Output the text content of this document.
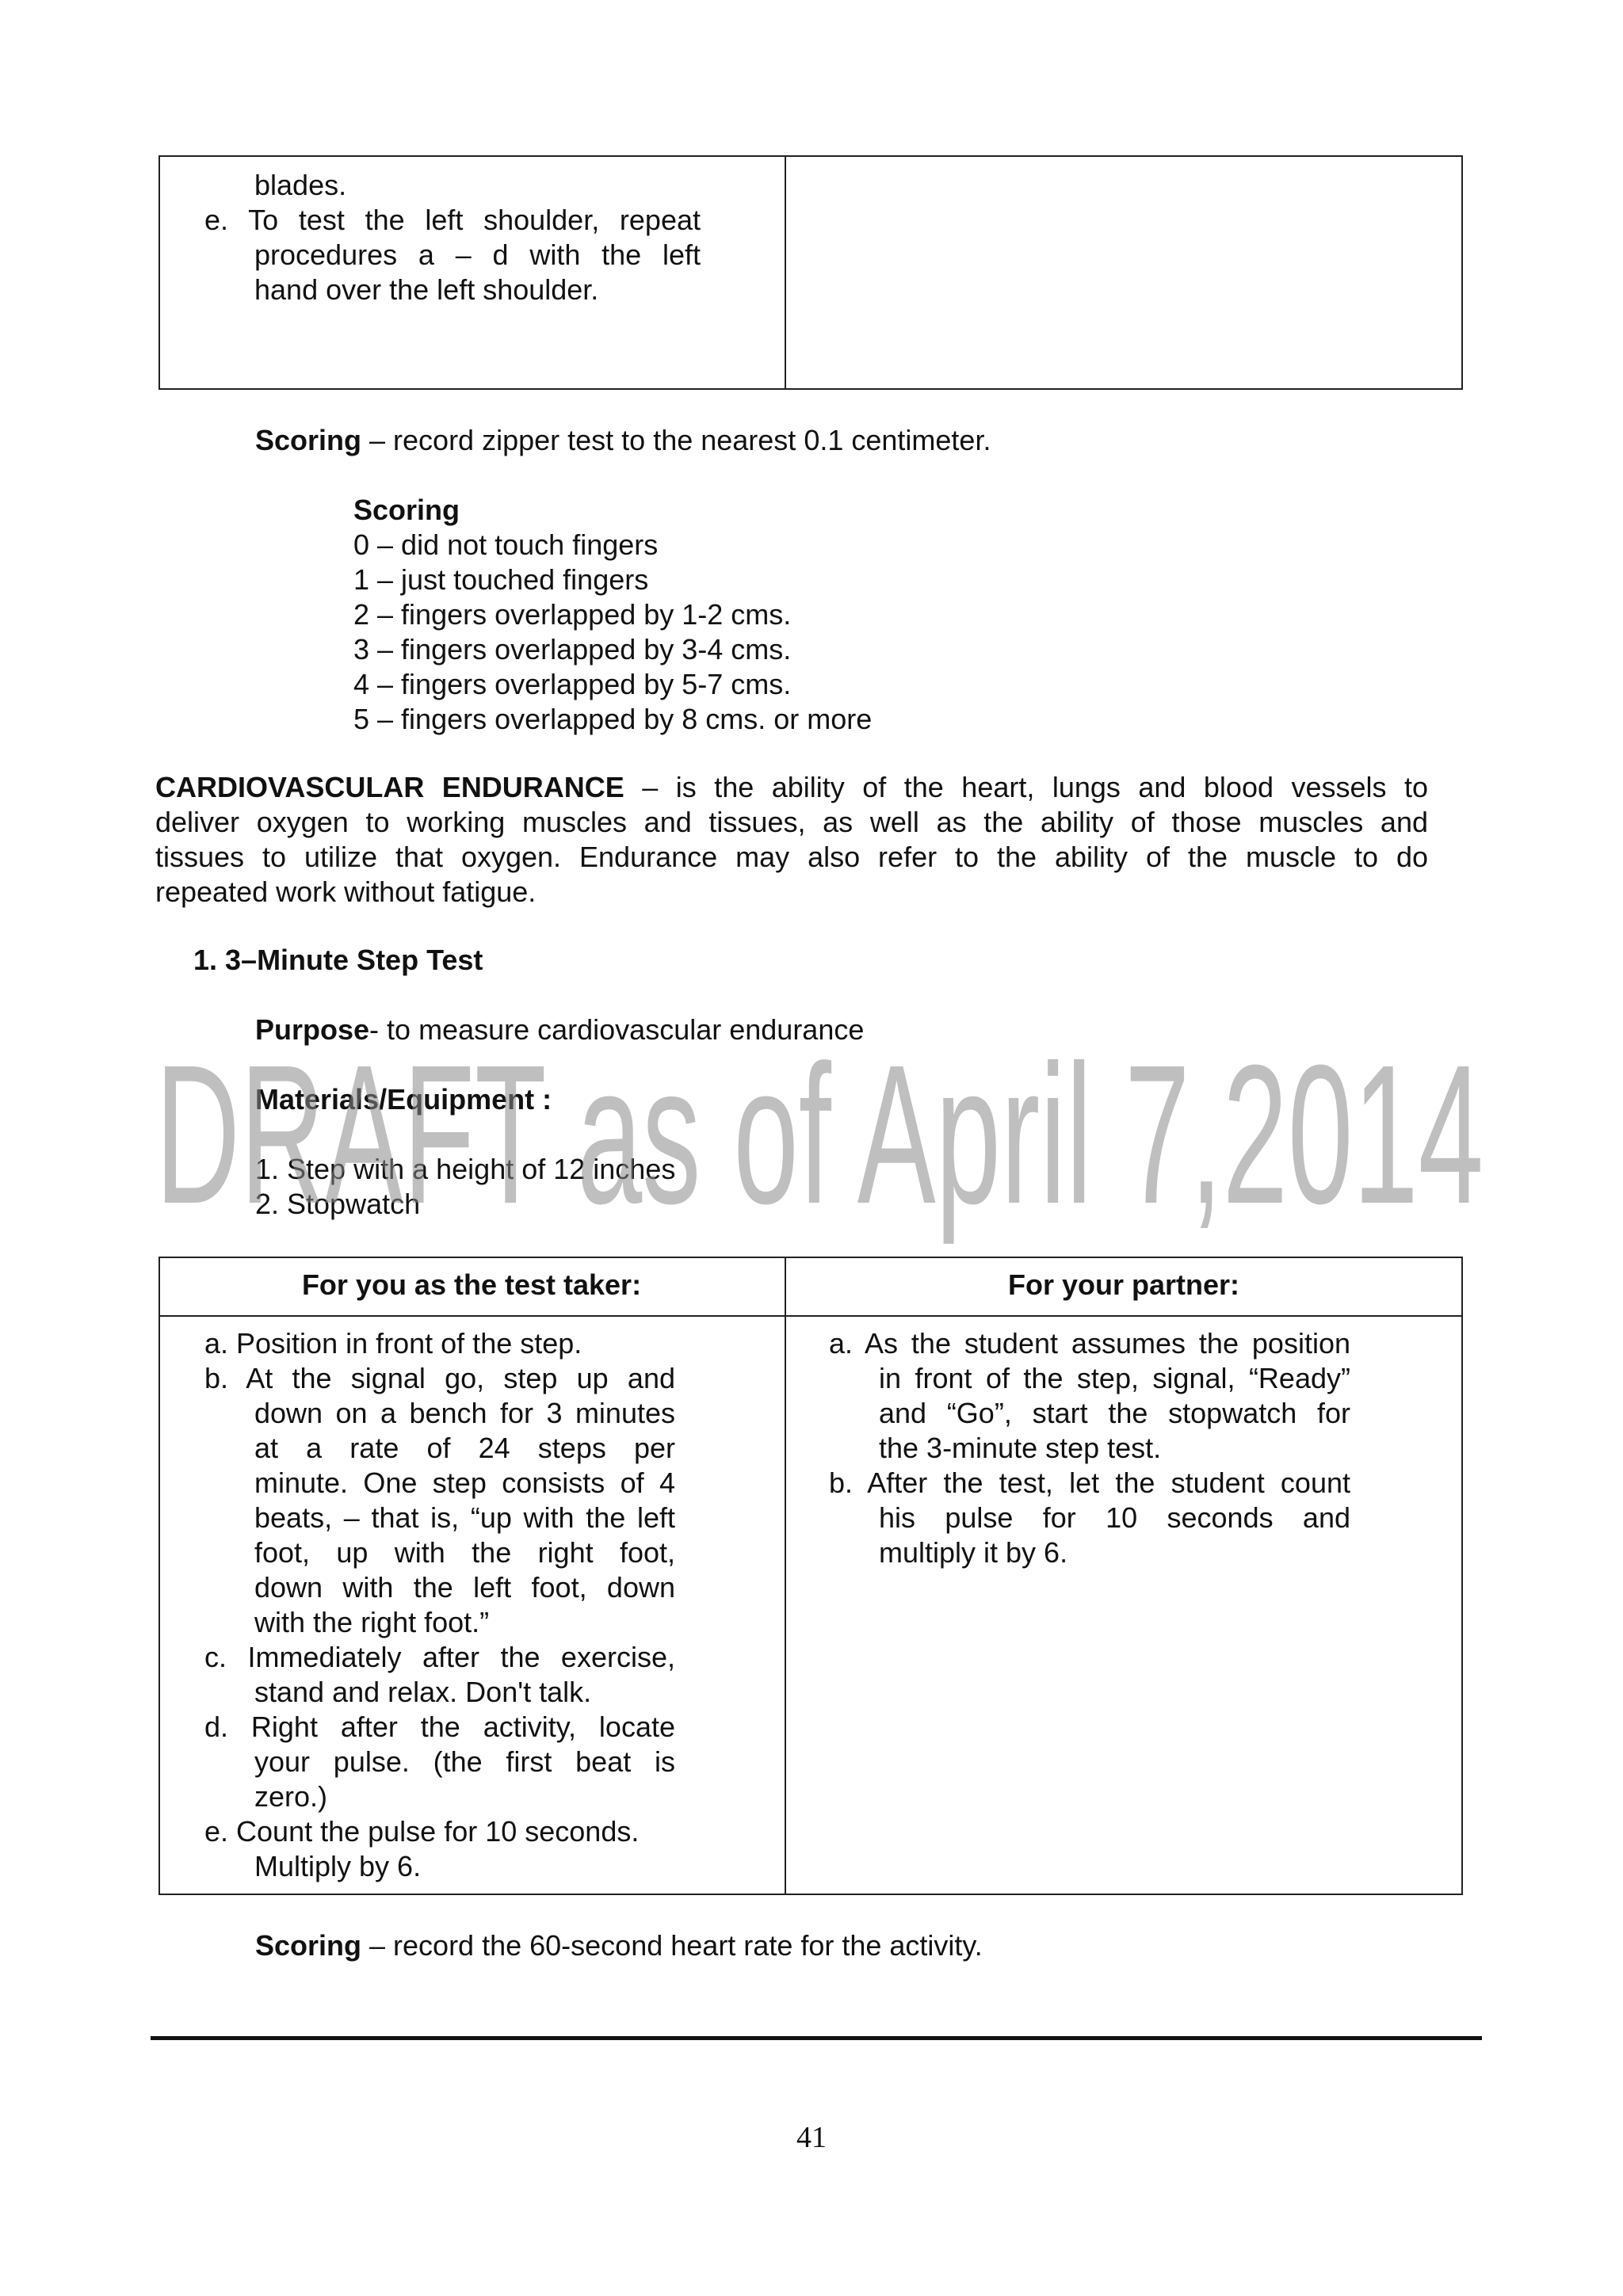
blades.
e. To test the left shoulder, repeat
procedures a – d with the left
hand over the left shoulder.
Scoring – record zipper test to the nearest 0.1 centimeter.
Scoring
0 – did not touch fingers
1 – just touched fingers
2 – fingers overlapped by 1-2 cms.
3 – fingers overlapped by 3-4 cms.
4 – fingers overlapped by 5-7 cms.
5 – fingers overlapped by 8 cms. or more
CARDIOVASCULAR ENDURANCE – is the ability of the heart, lungs and blood vessels to
deliver oxygen to working muscles and tissues, as well as the ability of those muscles and
tissues to utilize that oxygen. Endurance may also refer to the ability of the muscle to do
repeated work without fatigue.
1. 3–Minute Step Test
Purpose- to measure cardiovascular endurance
Materials/Equipment :
1. Step with a height of 12 inches
2. Stopwatch
DRAFT as of April 7,2014
For you as the test taker:	For your partner:
a. Position in front of the step.
b. At the signal go, step up and
down on a bench for 3 minutes
at a rate of 24 steps per
minute. One step consists of 4
beats, – that is, “up with the left
foot, up with the right foot,
down with the left foot, down
with the right foot.”
c. Immediately after the exercise,
stand and relax. Don't talk.
d. Right after the activity, locate
your pulse. (the first beat is
zero.)
e. Count the pulse for 10 seconds.
Multiply by 6.
a. As the student assumes the position
in front of the step, signal, “Ready”
and “Go”, start the stopwatch for
the 3-minute step test.
b. After the test, let the student count
his pulse for 10 seconds and
multiply it by 6.
Scoring – record the 60-second heart rate for the activity.
41
